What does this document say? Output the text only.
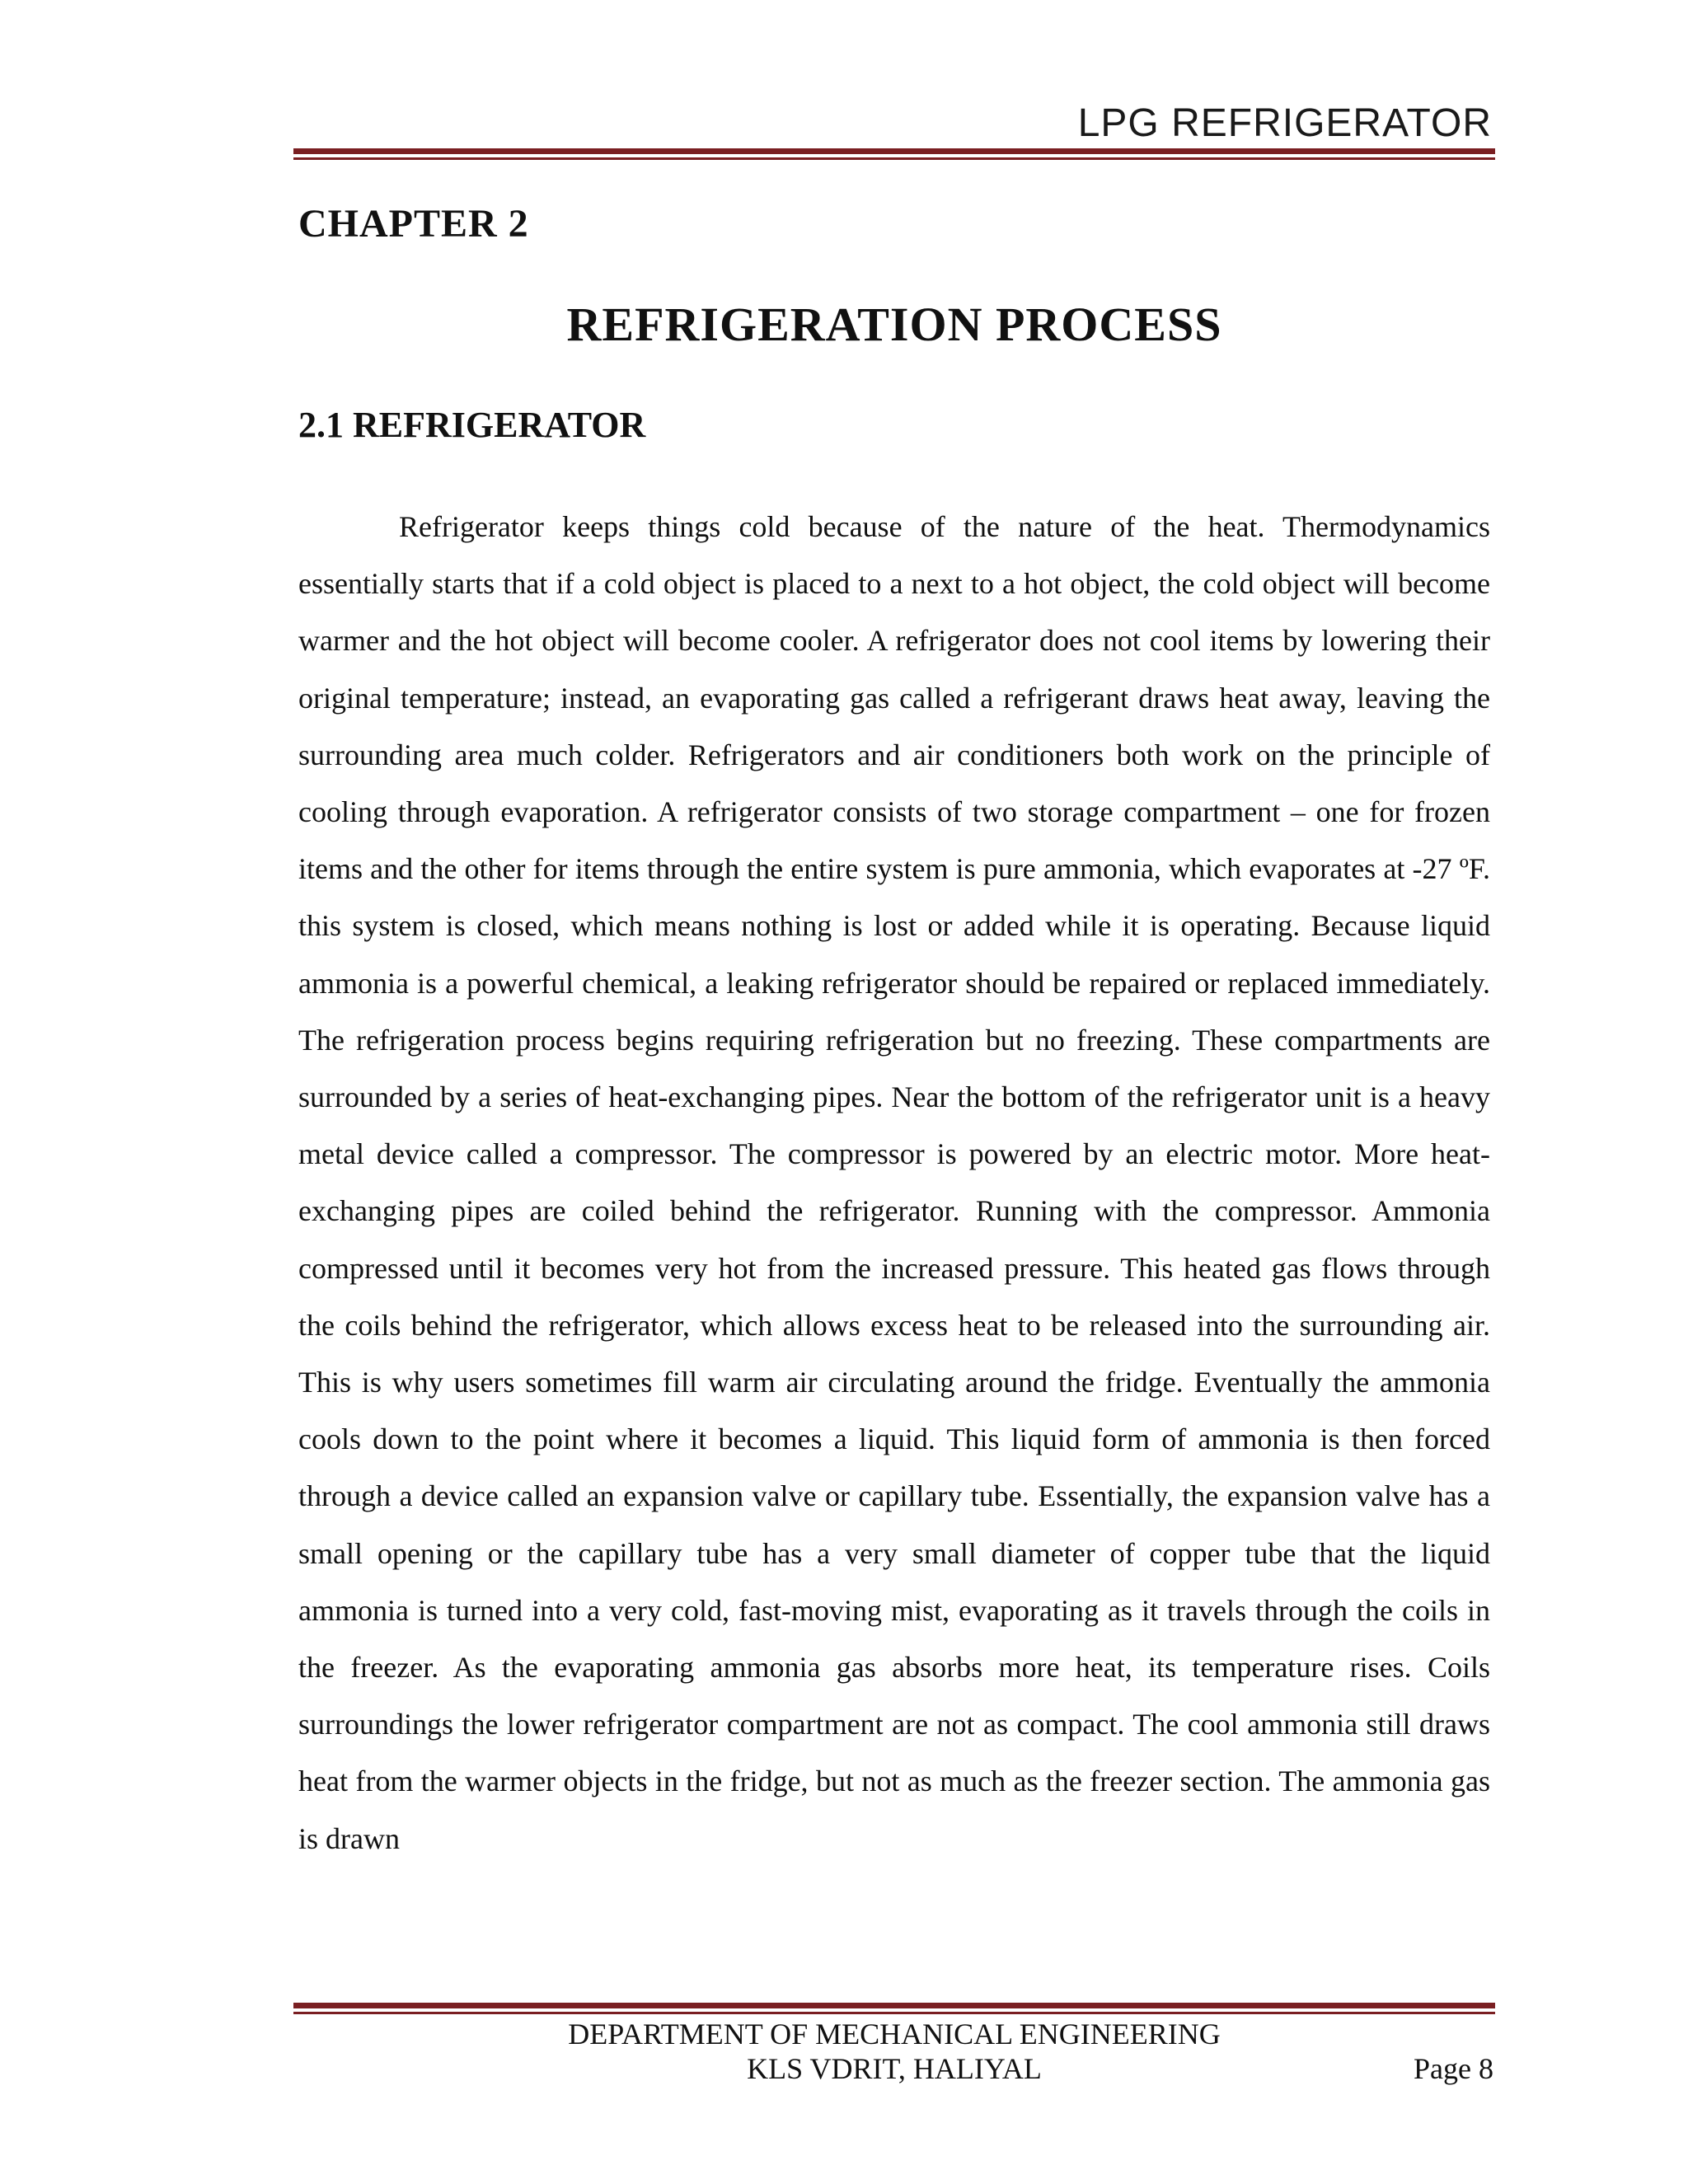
LPG REFRIGERATOR
CHAPTER 2
REFRIGERATION PROCESS
2.1 REFRIGERATOR

Refrigerator keeps things cold because of the nature of the heat. Thermodynamics essentially starts that if a cold object is placed to a next to a hot object, the cold object will become warmer and the hot object will become cooler. A refrigerator does not cool items by lowering their original temperature; instead, an evaporating gas called a refrigerant draws heat away, leaving the surrounding area much colder. Refrigerators and air conditioners both work on the principle of cooling through evaporation. A refrigerator consists of two storage compartment – one for frozen items and the other for items through the entire system is pure ammonia, which evaporates at -27 ºF. this system is closed, which means nothing is lost or added while it is operating. Because liquid ammonia is a powerful chemical, a leaking refrigerator should be repaired or replaced immediately. The refrigeration process begins requiring refrigeration but no freezing. These compartments are surrounded by a series of heat-exchanging pipes. Near the bottom of the refrigerator unit is a heavy metal device called a compressor. The compressor is powered by an electric motor. More heat-exchanging pipes are coiled behind the refrigerator. Running with the compressor. Ammonia compressed until it becomes very hot from the increased pressure. This heated gas flows through the coils behind the refrigerator, which allows excess heat to be released into the surrounding air. This is why users sometimes fill warm air circulating around the fridge. Eventually the ammonia cools down to the point where it becomes a liquid. This liquid form of ammonia is then forced through a device called an expansion valve or capillary tube. Essentially, the expansion valve has a small opening or the capillary tube has a very small diameter of copper tube that the liquid ammonia is turned into a very cold, fast-moving mist, evaporating as it travels through the coils in the freezer. As the evaporating ammonia gas absorbs more heat, its temperature rises. Coils surroundings the lower refrigerator compartment are not as compact. The cool ammonia still draws heat from the warmer objects in the fridge, but not as much as the freezer section. The ammonia gas is drawn

DEPARTMENT OF MECHANICAL ENGINEERING
KLS VDRIT, HALIYAL	Page 8
